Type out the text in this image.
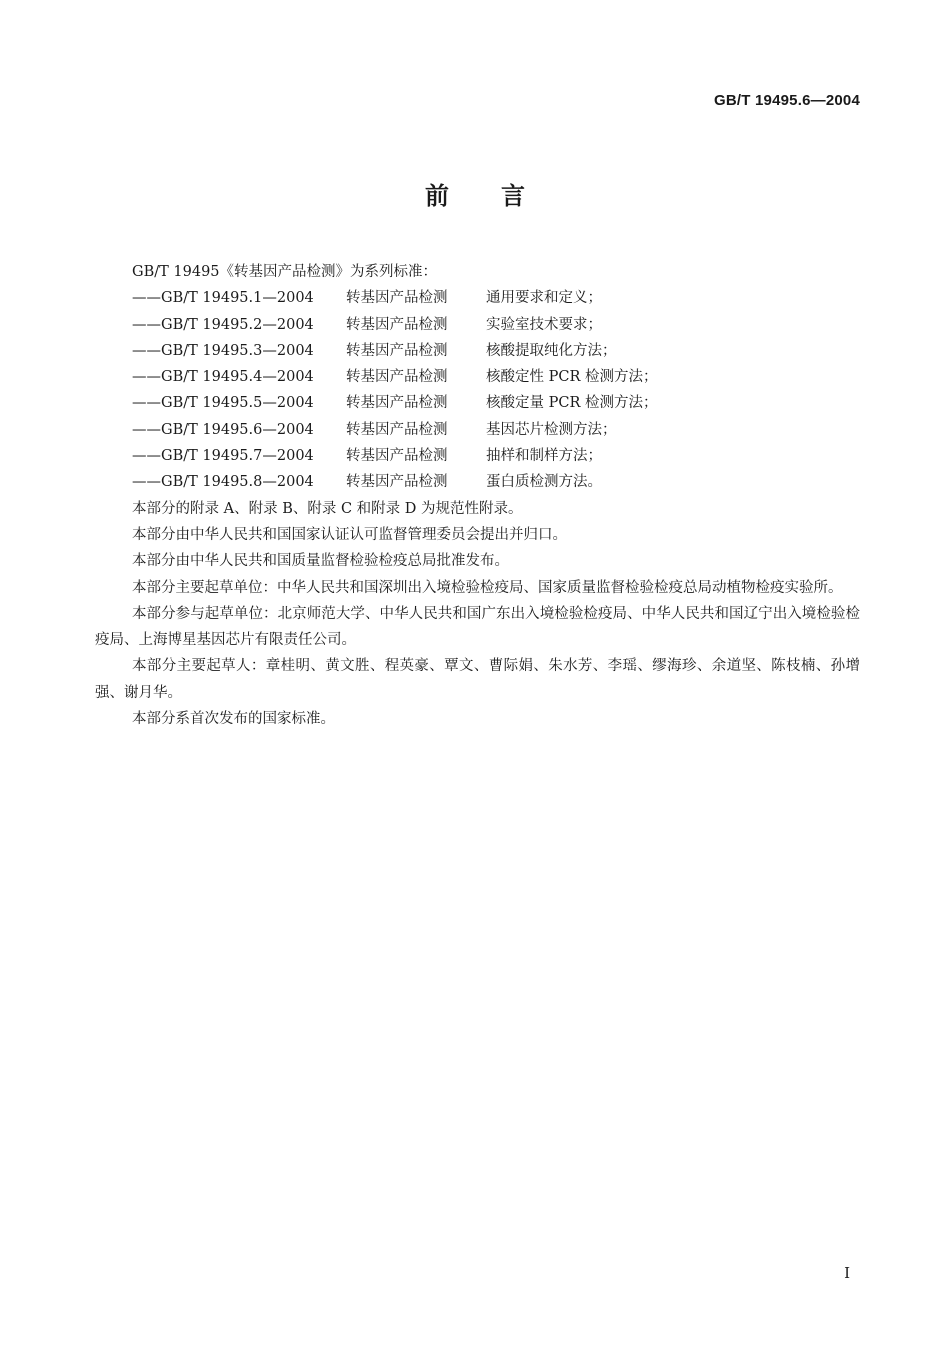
GB/T 19495.6—2004
前言

GB/T 19495《转基因产品检测》为系列标准：

——GB/T 19495.1—2004	转基因产品检测	通用要求和定义；
——GB/T 19495.2—2004	转基因产品检测	实验室技术要求；
——GB/T 19495.3—2004	转基因产品检测	核酸提取纯化方法；
——GB/T 19495.4—2004	转基因产品检测	核酸定性 PCR 检测方法；
——GB/T 19495.5—2004	转基因产品检测	核酸定量 PCR 检测方法；
——GB/T 19495.6—2004	转基因产品检测	基因芯片检测方法；
——GB/T 19495.7—2004	转基因产品检测	抽样和制样方法；
——GB/T 19495.8—2004	转基因产品检测	蛋白质检测方法。

本部分的附录 A、附录 B、附录 C 和附录 D 为规范性附录。

本部分由中华人民共和国国家认证认可监督管理委员会提出并归口。

本部分由中华人民共和国质量监督检验检疫总局批准发布。

本部分主要起草单位：中华人民共和国深圳出入境检验检疫局、国家质量监督检验检疫总局动植物检疫实验所。

本部分参与起草单位：北京师范大学、中华人民共和国广东出入境检验检疫局、中华人民共和国辽宁出入境检验检疫局、上海博星基因芯片有限责任公司。

本部分主要起草人：章桂明、黄文胜、程英豪、覃文、曹际娟、朱水芳、李瑶、缪海珍、余道坚、陈枝楠、孙增强、谢月华。

本部分系首次发布的国家标准。

I
